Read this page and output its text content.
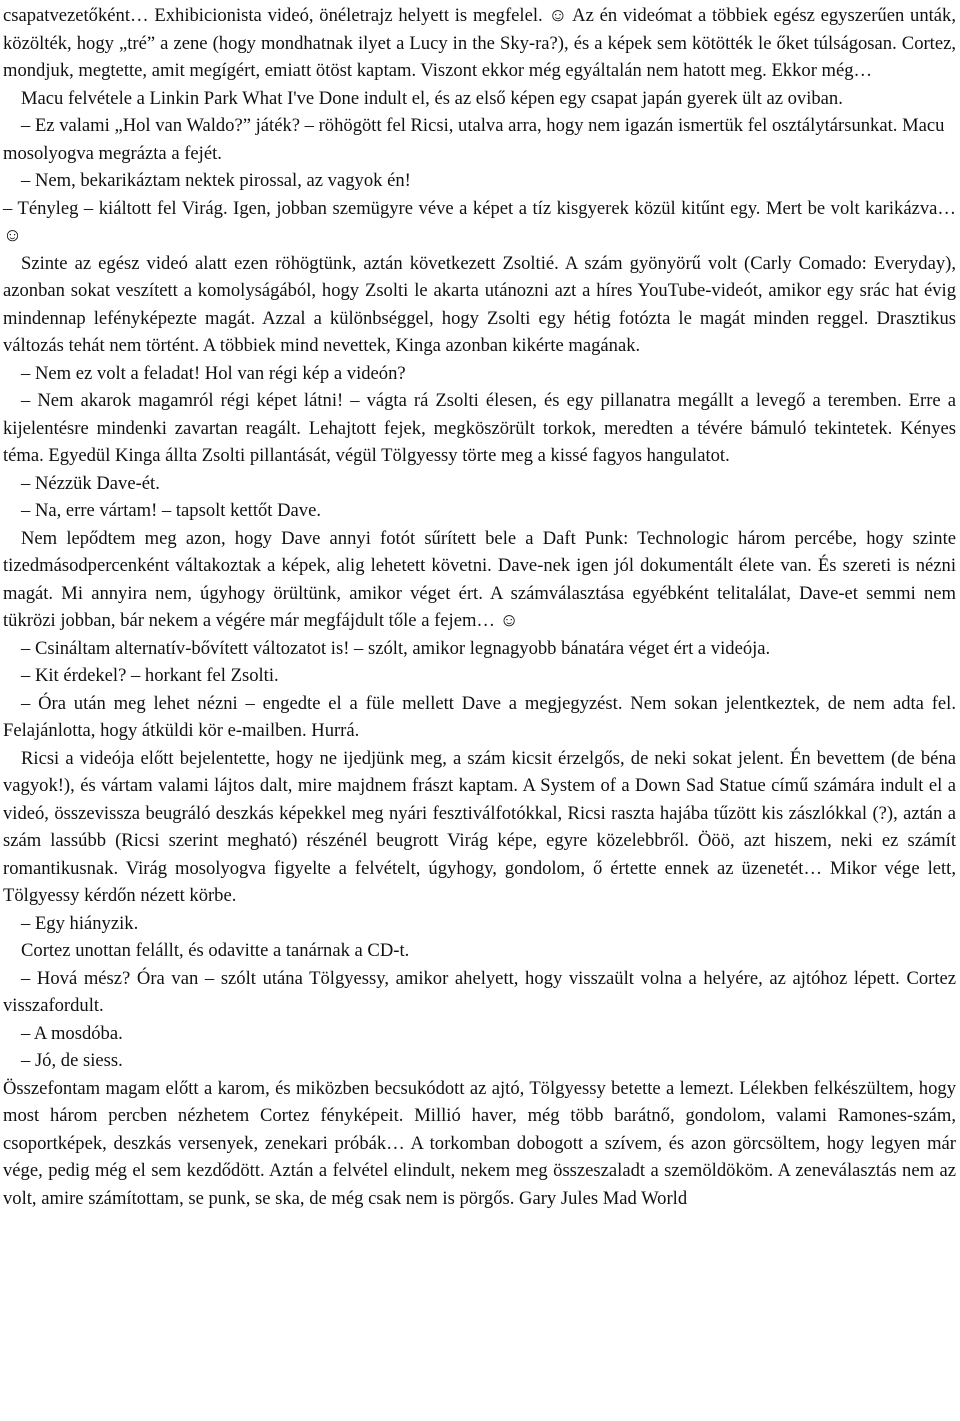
csapatvezetőként… Exhibicionista videó, önéletrajz helyett is megfelel. ☺ Az én videómat a többiek egész egyszerűen unták, közölték, hogy „tré” a zene (hogy mondhatnak ilyet a Lucy in the Sky-ra?), és a képek sem kötötték le őket túlságosan. Cortez, mondjuk, megtette, amit megígért, emiatt ötöst kaptam. Viszont ekkor még egyáltalán nem hatott meg. Ekkor még…

Macu felvétele a Linkin Park What I've Done indult el, és az első képen egy csapat japán gyerek ült az oviban.

– Ez valami „Hol van Waldo?” játék? – röhögött fel Ricsi, utalva arra, hogy nem igazán ismertük fel osztálytársunkat. Macu mosolyogva megrázta a fejét.

– Nem, bekarikáztam nektek pirossal, az vagyok én!

– Tényleg – kiáltott fel Virág. Igen, jobban szemügyre véve a képet a tíz kisgyerek közül kitűnt egy. Mert be volt karikázva… ☺

Szinte az egész videó alatt ezen röhögtünk, aztán következett Zsoltié. A szám gyönyörű volt (Carly Comado: Everyday), azonban sokat veszített a komolyságából, hogy Zsolti le akarta utánozni azt a híres YouTube-videót, amikor egy srác hat évig mindennap lefényképezte magát. Azzal a különbséggel, hogy Zsolti egy hétig fotózta le magát minden reggel. Drasztikus változás tehát nem történt. A többiek mind nevettek, Kinga azonban kikérte magának.

– Nem ez volt a feladat! Hol van régi kép a videón?

– Nem akarok magamról régi képet látni! – vágta rá Zsolti élesen, és egy pillanatra megállt a levegő a teremben. Erre a kijelentésre mindenki zavartan reagált. Lehajtott fejek, megköszörült torkok, meredten a tévére bámuló tekintetek. Kényes téma. Egyedül Kinga állta Zsolti pillantását, végül Tölgyessy törte meg a kissé fagyos hangulatot.

– Nézzük Dave-ét.

– Na, erre vártam! – tapsolt kettőt Dave.

Nem lepődtem meg azon, hogy Dave annyi fotót sűrített bele a Daft Punk: Technologic három percébe, hogy szinte tizedmásodpercenként váltakoztak a képek, alig lehetett követni. Dave-nek igen jól dokumentált élete van. És szereti is nézni magát. Mi annyira nem, úgyhogy örültünk, amikor véget ért. A számválasztása egyébként telitalálat, Dave-et semmi nem tükrözi jobban, bár nekem a végére már megfájdult tőle a fejem… ☺

– Csináltam alternatív-bővített változatot is! – szólt, amikor legnagyobb bánatára véget ért a videója.

– Kit érdekel? – horkant fel Zsolti.

– Óra után meg lehet nézni – engedte el a füle mellett Dave a megjegyzést. Nem sokan jelentkeztek, de nem adta fel. Felajánlotta, hogy átküldi kör e-mailben. Hurrá.

Ricsi a videója előtt bejelentette, hogy ne ijedjünk meg, a szám kicsit érzelgős, de neki sokat jelent. Én bevettem (de béna vagyok!), és vártam valami lájtos dalt, mire majdnem frászt kaptam. A System of a Down Sad Statue című számára indult el a videó, összevissza beugráló deszkás képekkel meg nyári fesztiválfotókkal, Ricsi raszta hajába tűzött kis zászlókkal (?), aztán a szám lassúbb (Ricsi szerint megható) részénél beugrott Virág képe, egyre közelebbről. Ööö, azt hiszem, neki ez számít romantikusnak. Virág mosolyogva figyelte a felvételt, úgyhogy, gondolom, ő értette ennek az üzenetét… Mikor vége lett, Tölgyessy kérdőn nézett körbe.

– Egy hiányzik.

Cortez unottan felállt, és odavitte a tanárnak a CD-t.

– Hová mész? Óra van – szólt utána Tölgyessy, amikor ahelyett, hogy visszaült volna a helyére, az ajtóhoz lépett. Cortez visszafordult.

– A mosdóba.

– Jó, de siess.

Összefontam magam előtt a karom, és miközben becsukódott az ajtó, Tölgyessy betette a lemezt. Lélekben felkészültem, hogy most három percben nézhetem Cortez fényképeit. Millió haver, még több barátnő, gondolom, valami Ramones-szám, csoportképek, deszkás versenyek, zenekari próbák… A torkomban dobogott a szívem, és azon görcsöltem, hogy legyen már vége, pedig még el sem kezdődött. Aztán a felvétel elindult, nekem meg összeszaladt a szemöldököm. A zeneválasztás nem az volt, amire számítottam, se punk, se ska, de még csak nem is pörgős. Gary Jules Mad World
